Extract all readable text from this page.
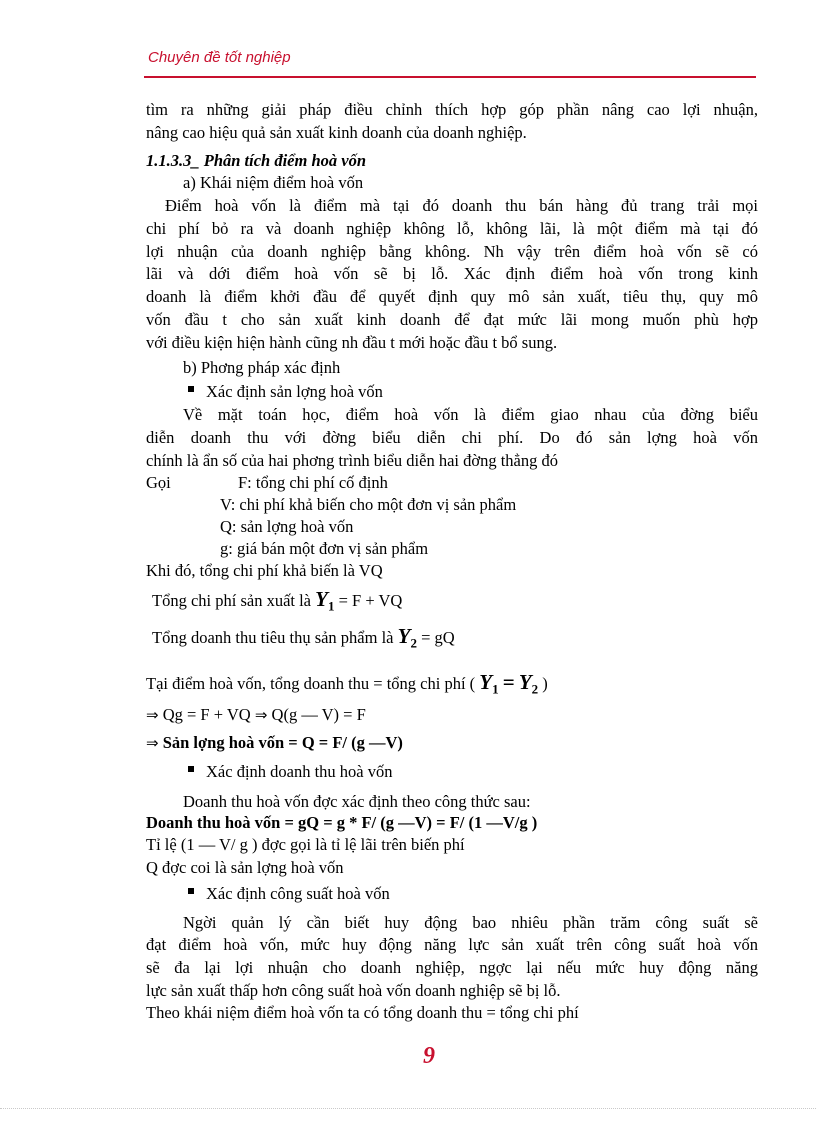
Chuyên đề tốt nghiệp
tìm ra những giải pháp điều chỉnh thích hợp góp phần nâng cao lợi nhuận,
nâng cao hiệu quả sản xuất kinh doanh của doanh nghiệp.
1.1.3.3_ Phân tích điểm hoà vốn
a) Khái niệm điểm hoà vốn
Điểm hoà vốn là điểm mà tại đó doanh thu bán hàng đủ trang trải mọi
chi phí bỏ ra và doanh nghiệp không lỗ, không lãi, là một điểm mà tại đó
lợi nhuận của doanh nghiệp bằng không. Nh vậy trên điểm hoà vốn sẽ có
lãi và dới điểm hoà vốn sẽ bị lỗ. Xác định điểm hoà vốn trong kinh
doanh là điểm khởi đầu để quyết định quy mô sản xuất, tiêu thụ, quy mô
vốn đầu t cho sản xuất kinh doanh để đạt mức lãi mong muốn phù hợp
với điều kiện hiện hành cũng nh đầu t mới hoặc đầu t bổ sung.
b) Phơng pháp xác định
Xác định sản lợng hoà vốn
Về mặt toán học, điểm hoà vốn là điểm giao nhau của đờng biểu
diễn doanh thu với đờng biểu diễn chi phí. Do đó sản lợng hoà vốn
chính là ẩn số của hai phơng trình biểu diễn hai đờng thẳng đó
Gọi	F: tổng chi phí cố định
V: chi phí khả biến cho một đơn vị sản phẩm
Q: sản lợng hoà vốn
g: giá bán một đơn vị sản phẩm
Khi đó, tổng chi phí khả biến là VQ
Tổng chi phí sản xuất là $Y_1 = F$ + VQ
Tổng doanh thu tiêu thụ sản phẩm là $Y_2$ = gQ
Tại điểm hoà vốn, tổng doanh thu = tổng chi phí ( $Y_1 = Y_2$ )
⇒ Qg = F + VQ ⇒ Q(g — V) = F
⇒ Sản lợng hoà vốn = Q = F/ (g —V)
Xác định doanh thu hoà vốn
Doanh thu hoà vốn đợc xác định theo công thức sau:
Doanh thu hoà vốn = gQ = g * F/ (g —V) = F/ (1 —V/g )
Tỉ lệ (1 — V/ g ) đợc gọi là tỉ lệ lãi trên biến phí
Q đợc coi là sản lợng hoà vốn
Xác định công suất hoà vốn
Ngời quản lý cần biết huy động bao nhiêu phần trăm công suất sẽ
đạt điểm hoà vốn, mức huy động năng lực sản xuất trên công suất hoà vốn
sẽ đa lại lợi nhuận cho doanh nghiệp, ngợc lại nếu mức huy động năng
lực sản xuất thấp hơn công suất hoà vốn doanh nghiệp sẽ bị lỗ.
Theo khái niệm điểm hoà vốn ta có tổng doanh thu = tổng chi phí
9
